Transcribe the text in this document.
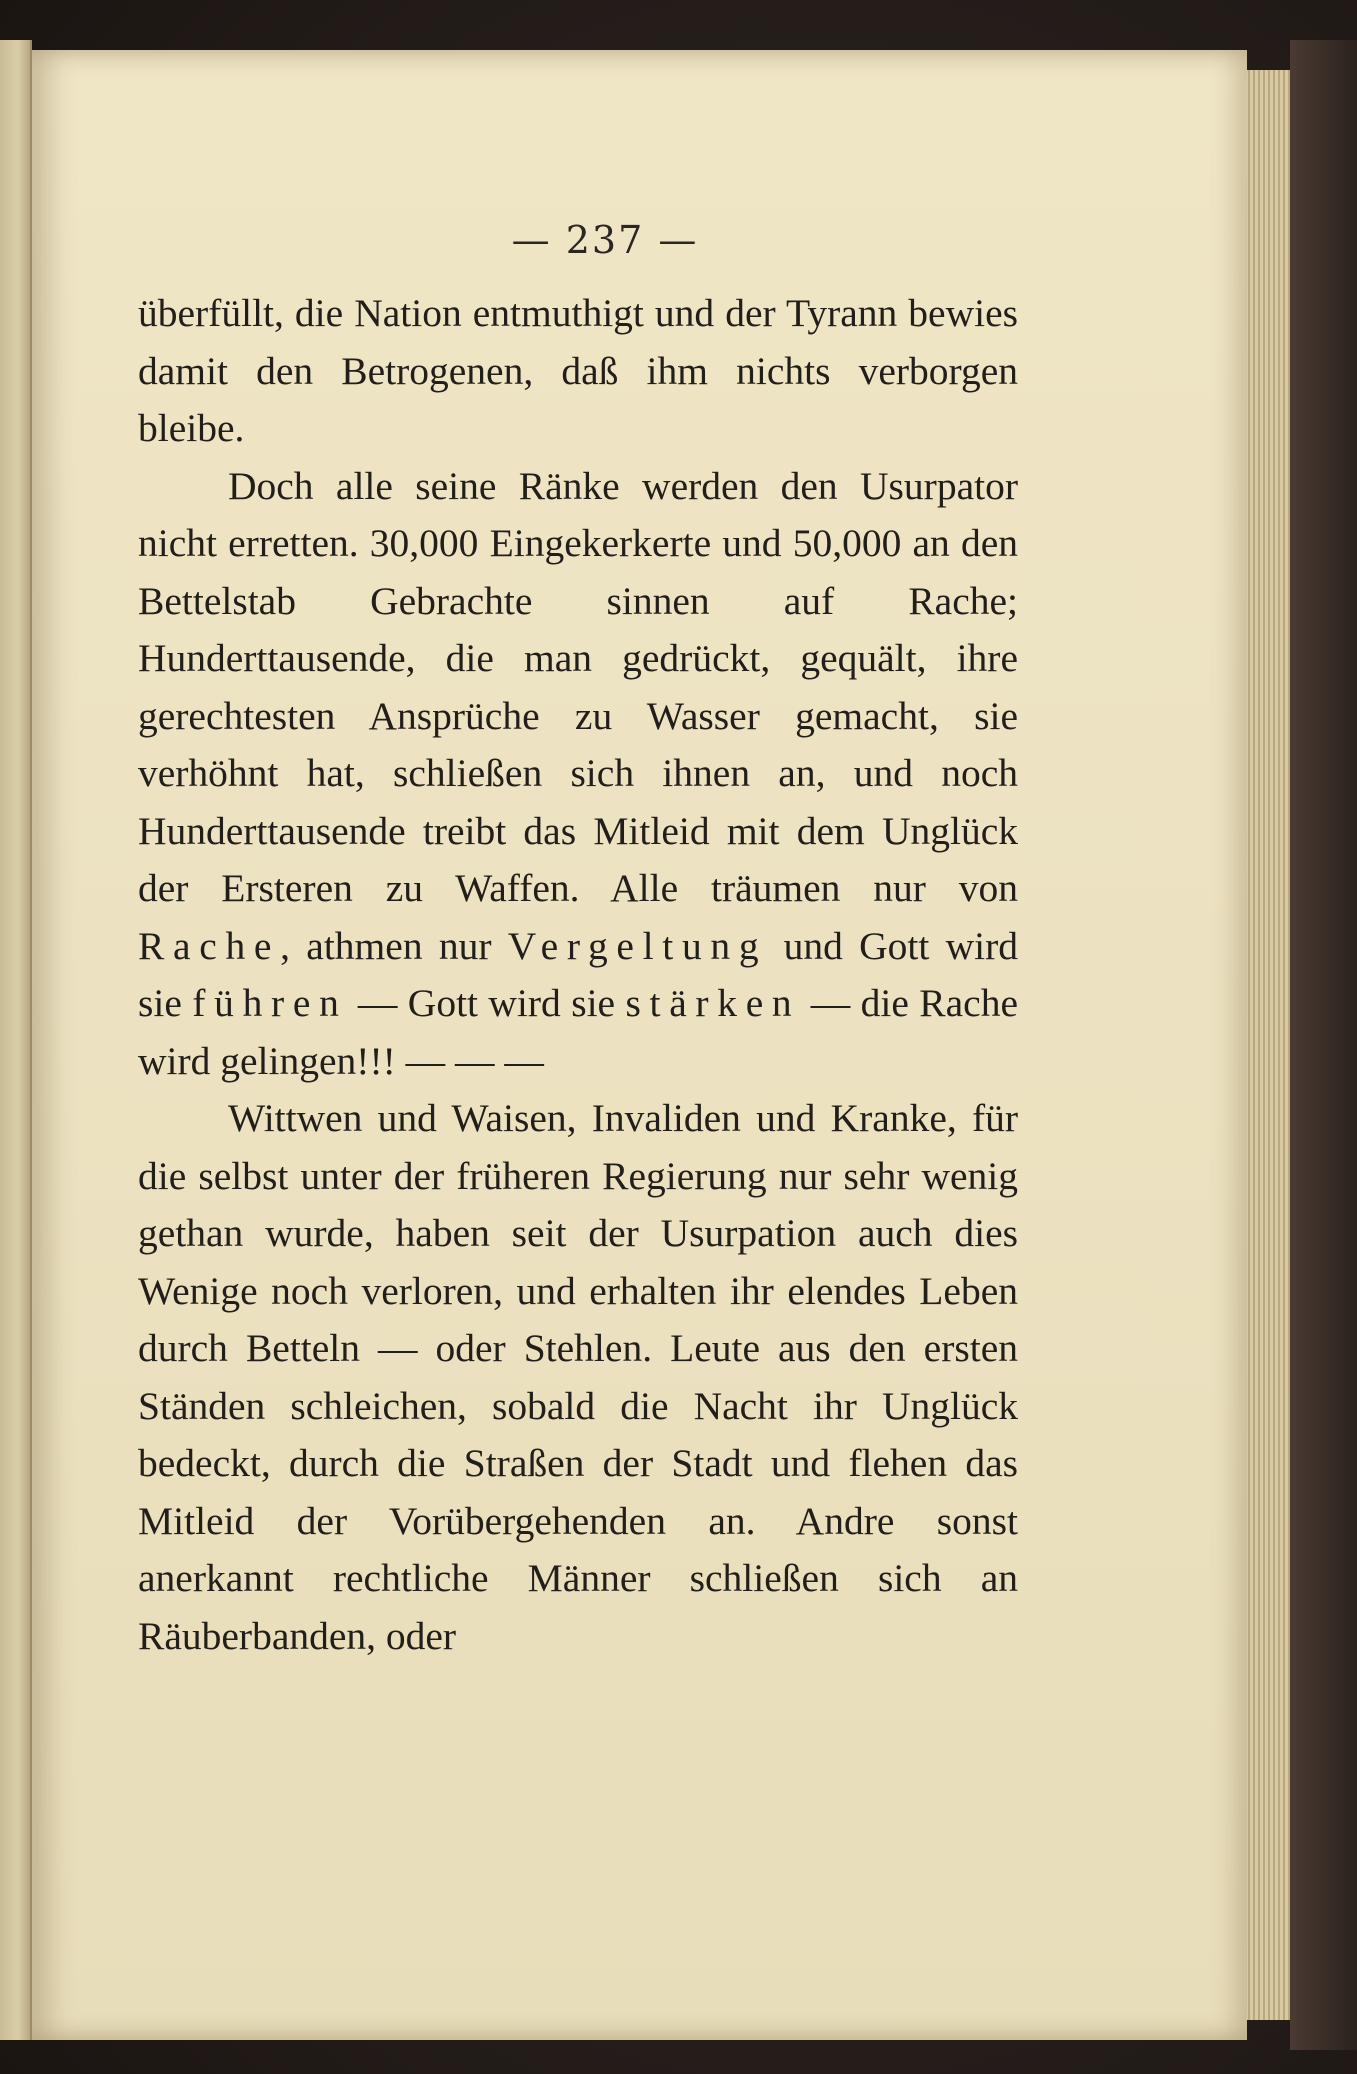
— 237 —

überfüllt, die Nation entmuthigt und der Tyrann bewies damit den Betrogenen, daß ihm nichts verborgen bleibe.

Doch alle seine Ränke werden den Usurpator nicht erretten. 30,000 Eingekerkerte und 50,000 an den Bettelstab Gebrachte sinnen auf Rache; Hunderttausende, die man gedrückt, gequält, ihre gerechtesten Ansprüche zu Wasser gemacht, sie verhöhnt hat, schließen sich ihnen an, und noch Hunderttausende treibt das Mitleid mit dem Unglück der Ersteren zu Waffen. Alle träumen nur von Rache, athmen nur Vergeltung und Gott wird sie führen — Gott wird sie stärken — die Rache wird gelingen!!! — — —

Wittwen und Waisen, Invaliden und Kranke, für die selbst unter der früheren Regierung nur sehr wenig gethan wurde, haben seit der Usurpation auch dies Wenige noch verloren, und erhalten ihr elendes Leben durch Betteln — oder Stehlen. Leute aus den ersten Ständen schleichen, sobald die Nacht ihr Unglück bedeckt, durch die Straßen der Stadt und flehen das Mitleid der Vorübergehenden an. Andre sonst anerkannt rechtliche Männer schließen sich an Räuberbanden, oder
